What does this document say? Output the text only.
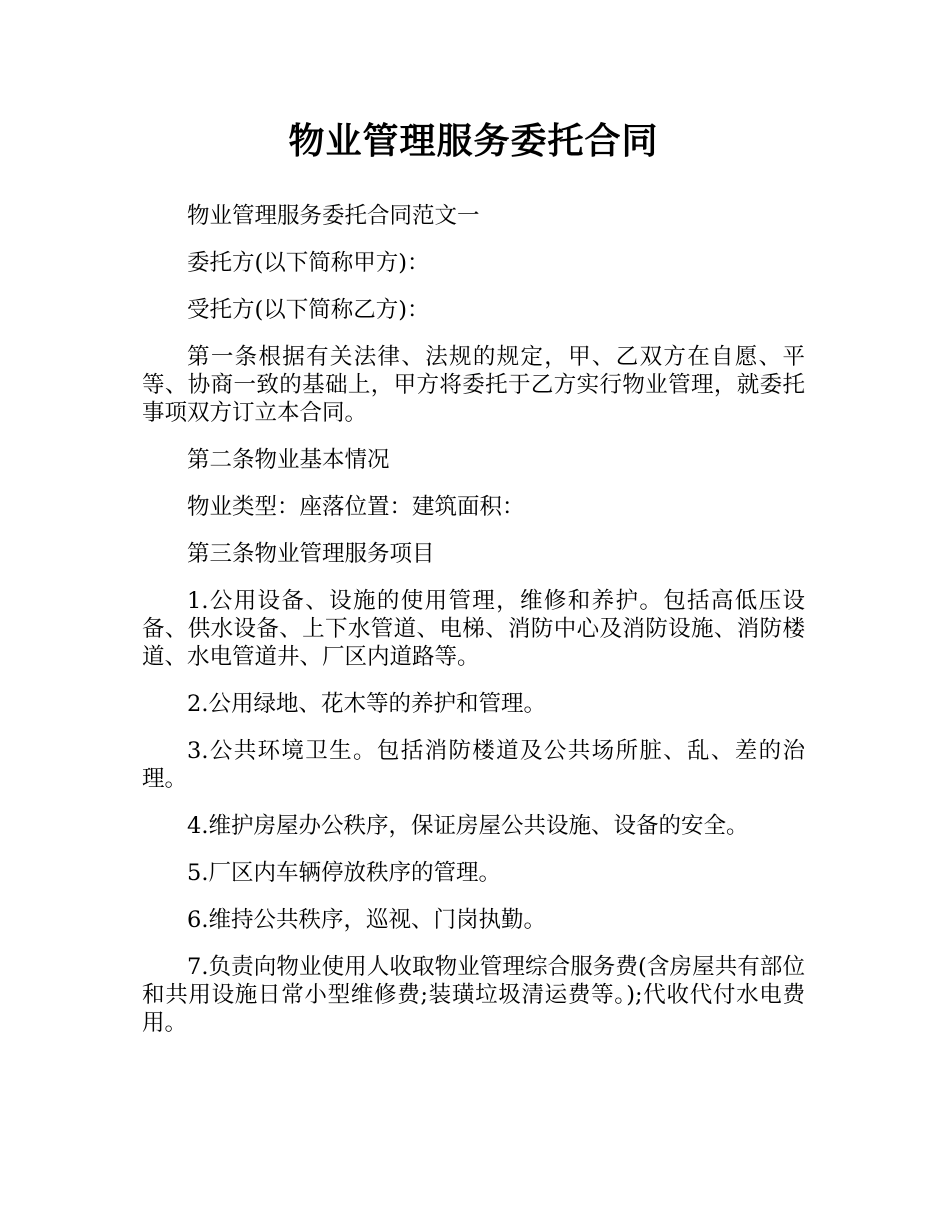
物业管理服务委托合同

物业管理服务委托合同范文一

委托方(以下简称甲方)：

受托方(以下简称乙方)：

第一条根据有关法律、法规的规定，甲、乙双方在自愿、平等、协商一致的基础上，甲方将委托于乙方实行物业管理，就委托事项双方订立本合同。

第二条物业基本情况

物业类型：座落位置：建筑面积：

第三条物业管理服务项目

1.公用设备、设施的使用管理，维修和养护。包括高低压设备、供水设备、上下水管道、电梯、消防中心及消防设施、消防楼道、水电管道井、厂区内道路等。

2.公用绿地、花木等的养护和管理。

3.公共环境卫生。包括消防楼道及公共场所脏、乱、差的治理。

4.维护房屋办公秩序，保证房屋公共设施、设备的安全。

5.厂区内车辆停放秩序的管理。

6.维持公共秩序，巡视、门岗执勤。

7.负责向物业使用人收取物业管理综合服务费(含房屋共有部位和共用设施日常小型维修费;装璜垃圾清运费等。);代收代付水电费用。
